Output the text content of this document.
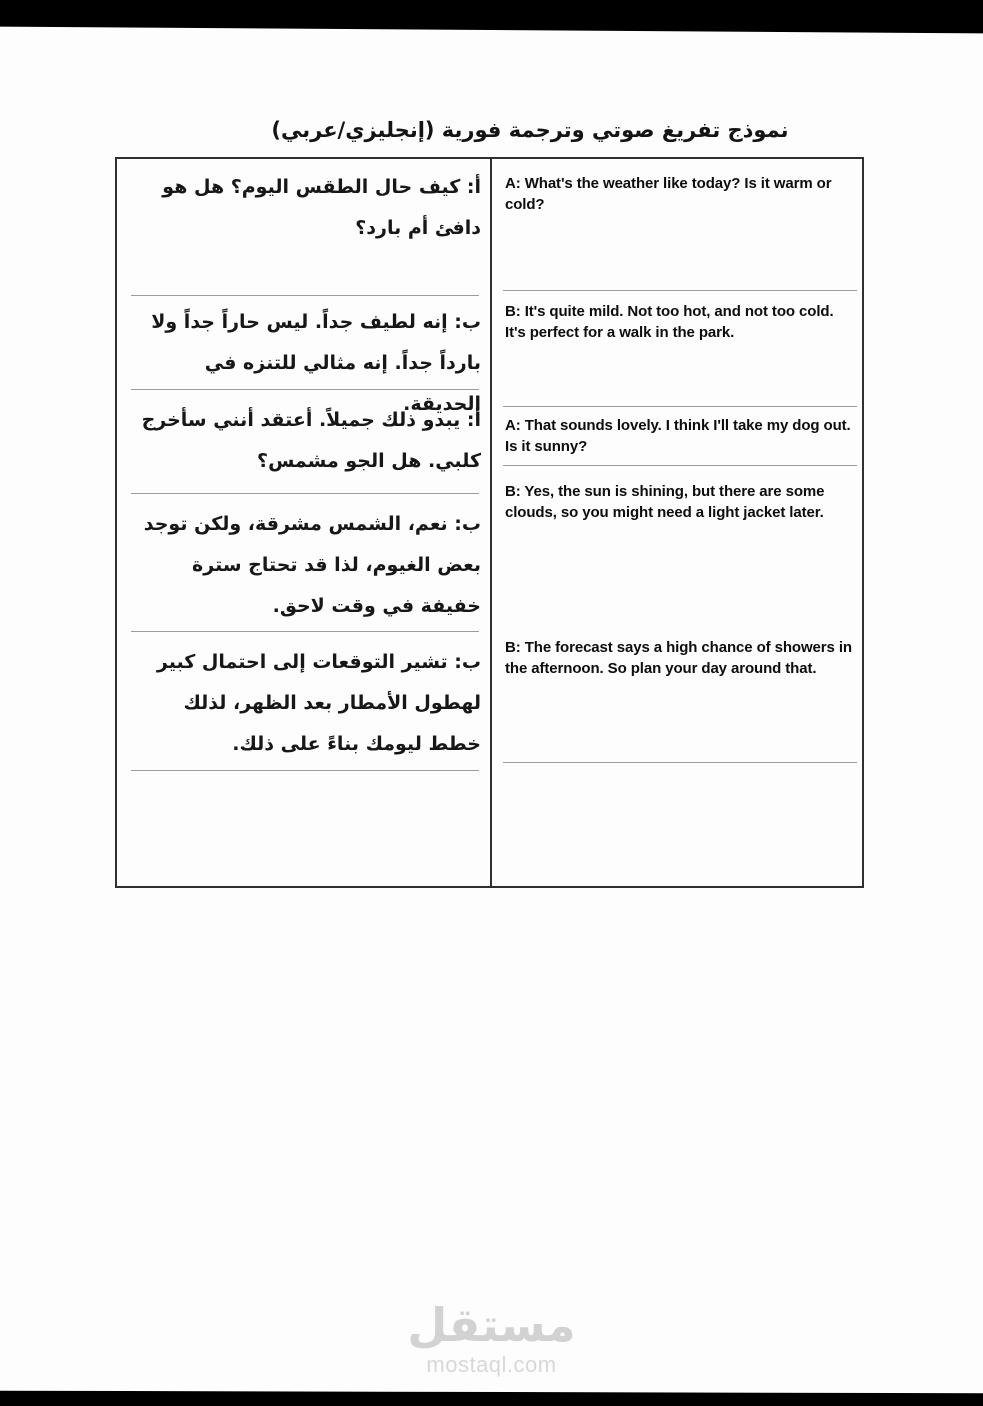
نموذج تفريغ صوتي وترجمة فورية (إنجليزي/عربي)
أ: كيف حال الطقس اليوم؟ هل هو دافئ أم بارد؟
ب: إنه لطيف جداً. ليس حاراً جداً ولا بارداً جداً. إنه مثالي للتنزه في الحديقة.
أ: يبدو ذلك جميلاً. أعتقد أنني سأخرج كلبي. هل الجو مشمس؟
ب: نعم، الشمس مشرقة، ولكن توجد بعض الغيوم، لذا قد تحتاج سترة خفيفة في وقت لاحق.
ب: تشير التوقعات إلى احتمال كبير لهطول الأمطار بعد الظهر، لذلك خطط ليومك بناءً على ذلك.
A: What's the weather like today? Is it warm or cold?
B: It's quite mild. Not too hot, and not too cold. It's perfect for a walk in the park.
A: That sounds lovely. I think I'll take my dog out. Is it sunny?
B: Yes, the sun is shining, but there are some clouds, so you might need a light jacket later.
B: The forecast says a high chance of showers in the afternoon. So plan your day around that.
مستقل
mostaql.com
